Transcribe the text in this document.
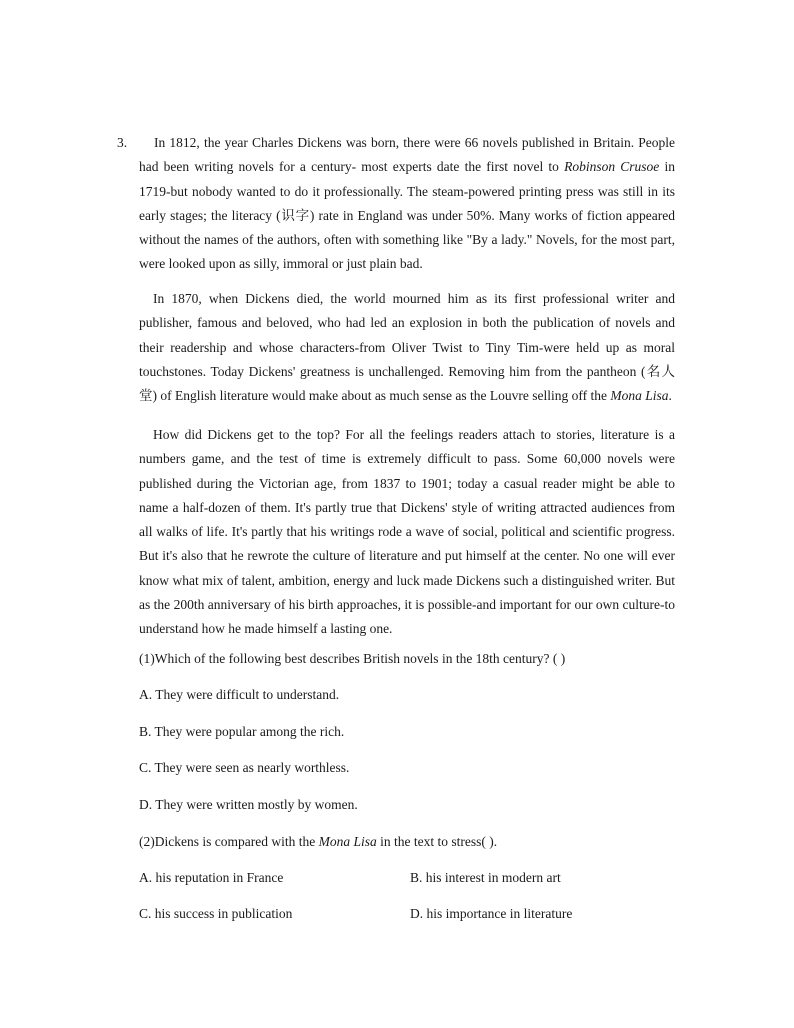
3.	In 1812, the year Charles Dickens was born, there were 66 novels published in Britain. People had been writing novels for a century- most experts date the first novel to Robinson Crusoe in 1719-but nobody wanted to do it professionally. The steam-powered printing press was still in its early stages; the literacy (识字) rate in England was under 50%. Many works of fiction appeared without the names of the authors, often with something like "By a lady." Novels, for the most part, were looked upon as silly, immoral or just plain bad.

In 1870, when Dickens died, the world mourned him as its first professional writer and publisher, famous and beloved, who had led an explosion in both the publication of novels and their readership and whose characters-from Oliver Twist to Tiny Tim-were held up as moral touchstones. Today Dickens' greatness is unchallenged. Removing him from the pantheon (名人堂) of English literature would make about as much sense as the Louvre selling off the Mona Lisa.

How did Dickens get to the top? For all the feelings readers attach to stories, literature is a numbers game, and the test of time is extremely difficult to pass. Some 60,000 novels were published during the Victorian age, from 1837 to 1901; today a casual reader might be able to name a half-dozen of them. It's partly true that Dickens' style of writing attracted audiences from all walks of life. It's partly that his writings rode a wave of social, political and scientific progress. But it's also that he rewrote the culture of literature and put himself at the center. No one will ever know what mix of talent, ambition, energy and luck made Dickens such a distinguished writer. But as the 200th anniversary of his birth approaches, it is possible-and important for our own culture-to understand how he made himself a lasting one.

(1)Which of the following best describes British novels in the 18th century? ( )
A. They were difficult to understand.
B. They were popular among the rich.
C. They were seen as nearly worthless.
D. They were written mostly by women.
(2)Dickens is compared with the Mona Lisa in the text to stress( ).
A. his reputation in France	B. his interest in modern art
C. his success in publication	D. his importance in literature
